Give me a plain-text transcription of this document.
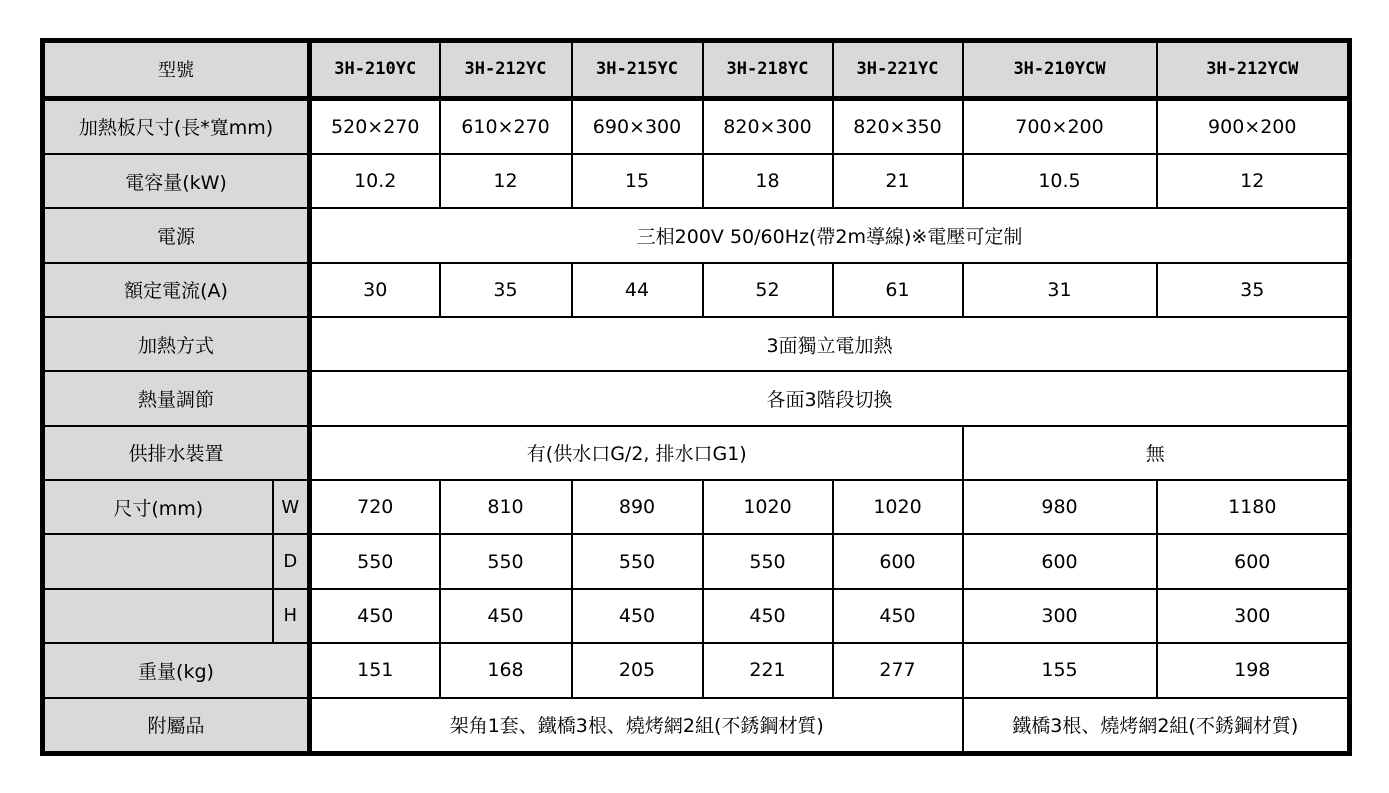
型號		3H-210YC	3H-212YC	3H-215YC	3H-218YC	3H-221YC	3H-210YCW	3H-212YCW
加熱板尺寸(長*寬mm)		520×270	610×270	690×300	820×300	820×350	700×200	900×200
電容量(kW)		10.2	12	15	18	21	10.5	12
電源		三相200V 50/60Hz(帶2m導線)※電壓可定制						
額定電流(A)		30	35	44	52	61	31	35
加熱方式		3面獨立電加熱						
熱量調節		各面3階段切換						
供排水裝置		有(供水口G/2, 排水口G1)					無	
尺寸(mm)	W	720	810	890	1020	1020	980	1180
	D	550	550	550	550	600	600	600
	H	450	450	450	450	450	300	300
重量(kg)		151	168	205	221	277	155	198
附屬品		架角1套、鐵橋3根、燒烤網2組(不銹鋼材質)					鐵橋3根、燒烤網2組(不銹鋼材質)	
